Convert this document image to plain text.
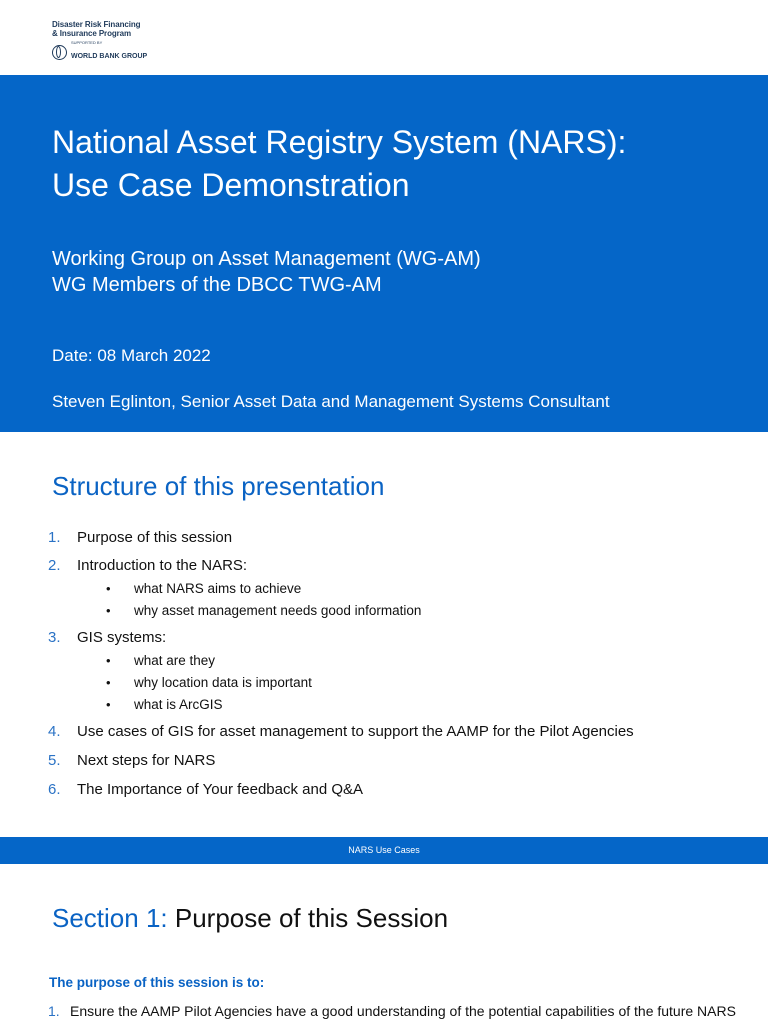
Disaster Risk Financing
& Insurance Program
SUPPORTED BY
WORLD BANK GROUP
National Asset Registry System (NARS):
Use Case Demonstration
Working Group on Asset Management (WG-AM)
WG Members of the DBCC TWG-AM
Date: 08 March 2022
Steven Eglinton, Senior Asset Data and Management Systems Consultant
Structure of this presentation
1.	Purpose of this session
2.	Introduction to the NARS:
•	what NARS aims to achieve
•	why asset management needs good information
3.	GIS systems:
•	what are they
•	why location data is important
•	what is ArcGIS
4.	Use cases of GIS for asset management to support the AAMP for the Pilot Agencies
5.	Next steps for NARS
6.	The Importance of Your feedback and Q&A
NARS Use Cases
Section 1: Purpose of this Session
The purpose of this session is to:
1. Ensure the AAMP Pilot Agencies have a good understanding of the potential capabilities of the future NARS
